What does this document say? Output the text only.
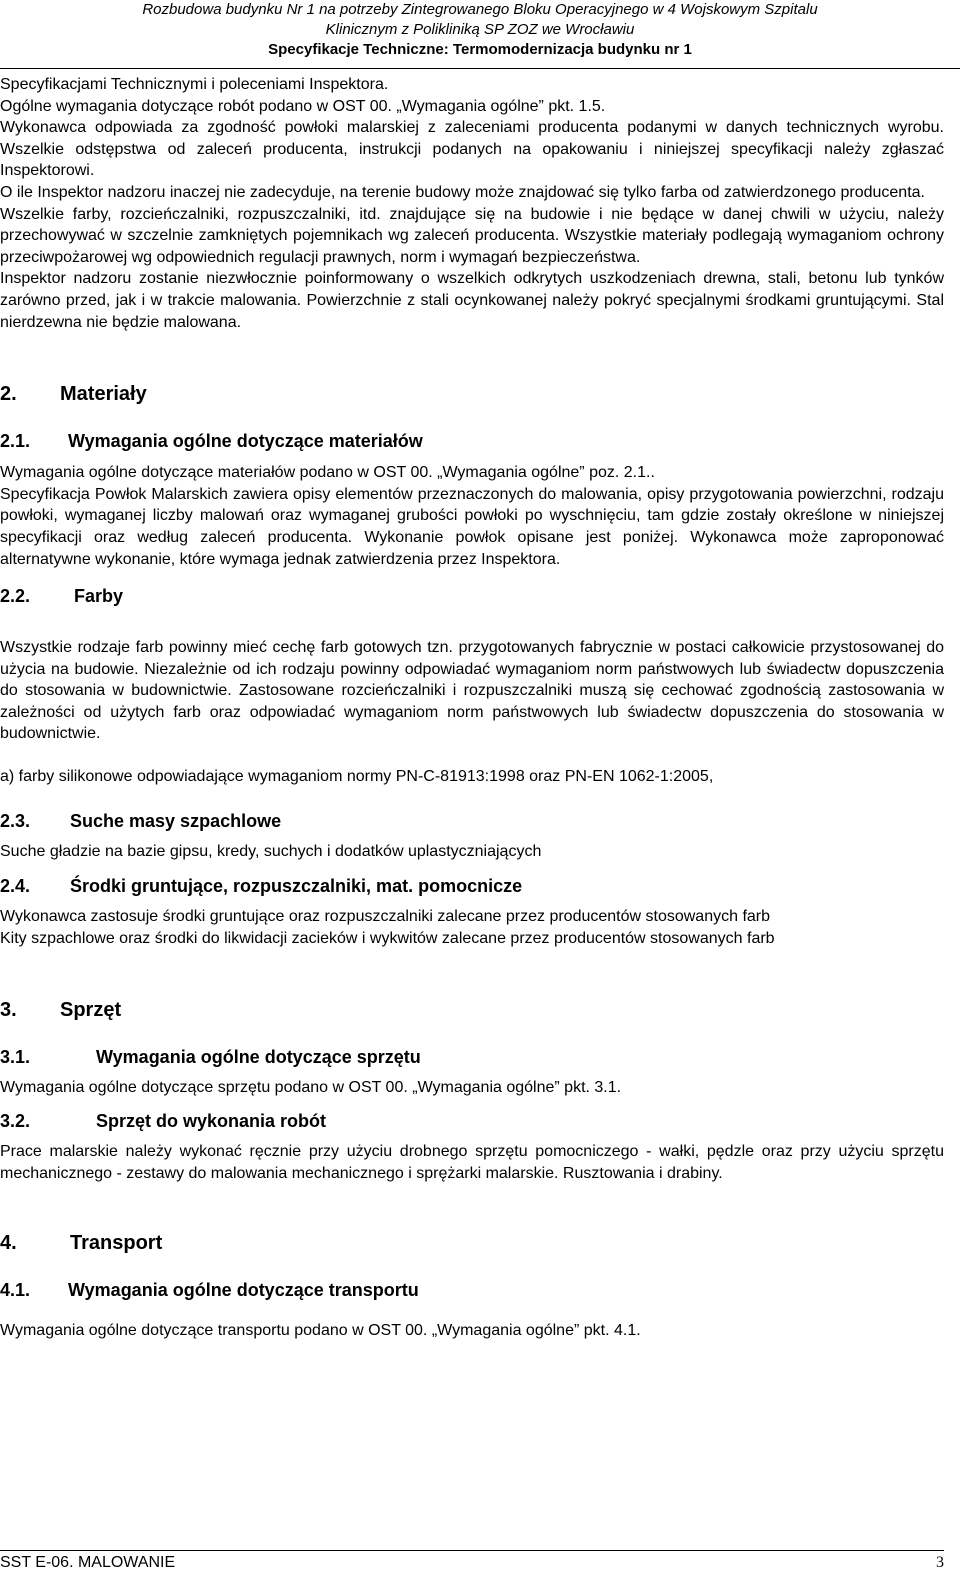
Rozbudowa budynku Nr 1 na potrzeby Zintegrowanego Bloku Operacyjnego w 4 Wojskowym Szpitalu
Klinicznym z Polikliniką SP ZOZ we Wrocławiu
Specyfikacje Techniczne: Termomodernizacja budynku nr 1

Specyfikacjami Technicznymi i poleceniami Inspektora.

Ogólne wymagania dotyczące robót podano w OST 00. „Wymagania ogólne” pkt. 1.5.

Wykonawca odpowiada za zgodność powłoki malarskiej z zaleceniami producenta podanymi w danych technicznych wyrobu. Wszelkie odstępstwa od zaleceń producenta, instrukcji podanych na opakowaniu i niniejszej specyfikacji należy zgłaszać Inspektorowi.

O ile Inspektor nadzoru inaczej nie zadecyduje, na terenie budowy może znajdować się tylko farba od zatwierdzonego producenta.

Wszelkie farby, rozcieńczalniki, rozpuszczalniki, itd. znajdujące się na budowie i nie będące w danej chwili w użyciu, należy przechowywać w szczelnie zamkniętych pojemnikach wg zaleceń producenta. Wszystkie materiały podlegają wymaganiom ochrony przeciwpożarowej wg odpowiednich regulacji prawnych, norm i wymagań bezpieczeństwa.

Inspektor nadzoru zostanie niezwłocznie poinformowany o wszelkich odkrytych uszkodzeniach drewna, stali, betonu lub tynków zarówno przed, jak i w trakcie malowania. Powierzchnie z stali ocynkowanej należy pokryć specjalnymi środkami gruntującymi. Stal nierdzewna nie będzie malowana.

2. Materiały
2.1. Wymagania ogólne dotyczące materiałów

Wymagania ogólne dotyczące materiałów podano w OST 00. „Wymagania ogólne” poz. 2.1..

Specyfikacja Powłok Malarskich zawiera opisy elementów przeznaczonych do malowania, opisy przygotowania powierzchni, rodzaju powłoki, wymaganej liczby malowań oraz wymaganej grubości powłoki po wyschnięciu, tam gdzie zostały określone w niniejszej specyfikacji oraz według zaleceń producenta. Wykonanie powłok opisane jest poniżej. Wykonawca może zaproponować alternatywne wykonanie, które wymaga jednak zatwierdzenia przez Inspektora.

2.2. Farby

Wszystkie rodzaje farb powinny mieć cechę farb gotowych tzn. przygotowanych fabrycznie w postaci całkowicie przystosowanej do użycia na budowie. Niezależnie od ich rodzaju powinny odpowiadać wymaganiom norm państwowych lub świadectw dopuszczenia do stosowania w budownictwie. Zastosowane rozcieńczalniki i rozpuszczalniki muszą się cechować zgodnością zastosowania w zależności od użytych farb oraz odpowiadać wymaganiom norm państwowych lub świadectw dopuszczenia do stosowania w budownictwie.

a) farby silikonowe odpowiadające wymaganiom normy PN-C-81913:1998 oraz PN-EN 1062-1:2005,

2.3. Suche masy szpachlowe

Suche gładzie na bazie gipsu, kredy, suchych i dodatków uplastyczniających

2.4. Środki gruntujące, rozpuszczalniki, mat. pomocnicze

Wykonawca zastosuje środki gruntujące oraz rozpuszczalniki zalecane przez producentów stosowanych farb

Kity szpachlowe oraz środki do likwidacji zacieków i wykwitów zalecane przez producentów stosowanych farb

3. Sprzęt
3.1.	Wymagania ogólne dotyczące sprzętu

Wymagania ogólne dotyczące sprzętu podano w OST 00. „Wymagania ogólne” pkt. 3.1.

3.2.	Sprzęt do wykonania robót

Prace malarskie należy wykonać ręcznie przy użyciu drobnego sprzętu pomocniczego - wałki, pędzle oraz przy użyciu sprzętu mechanicznego - zestawy do malowania mechanicznego i sprężarki malarskie. Rusztowania i drabiny.

4.	Transport
4.1. Wymagania ogólne dotyczące transportu

Wymagania ogólne dotyczące transportu podano w OST 00. „Wymagania ogólne” pkt. 4.1.

SST E-06. MALOWANIE	3
